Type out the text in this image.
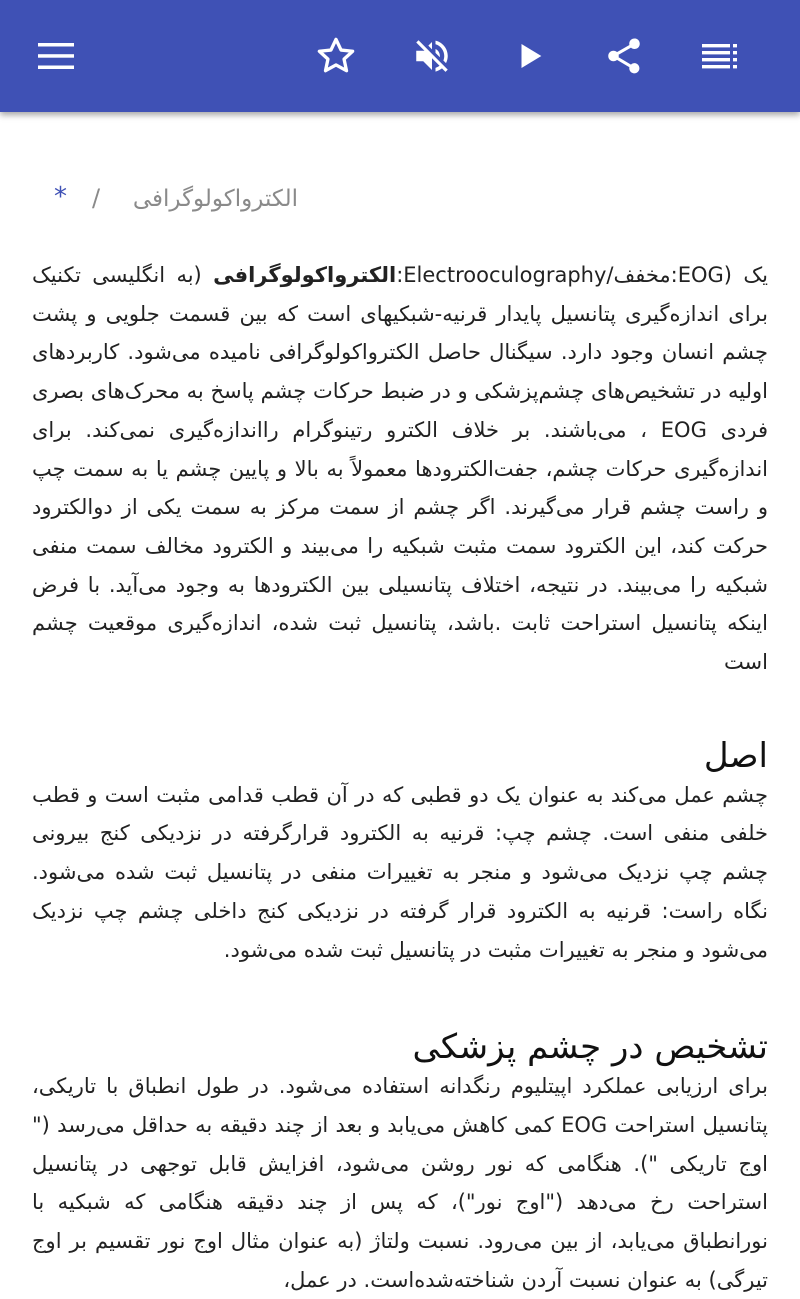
* / الکترواکولوگرافی

یک (EOG:مخفف/Electrooculography:الکترواکولوگرافی (به انگلیسی تکنیک برای اندازه‌گیری پتانسیل پایدار قرنیه-شبکیهای است که بین قسمت جلویی و پشت چشم انسان وجود دارد. سیگنال حاصل الکترواکولوگرافی نامیده می‌شود. کاربردهای اولیه در تشخیص‌های چشم‌پزشکی و در ضبط حرکات چشم پاسخ به محرک‌های بصری فردی EOG ، می‌باشند. بر خلاف الکترو رتینوگرام رااندازه‌گیری نمی‌کند. برای اندازه‌گیری حرکات چشم، جفت‌الکترودها معمولاً به بالا و پایین چشم یا به سمت چپ و راست چشم قرار می‌گیرند. اگر چشم از سمت مرکز به سمت یکی از دوالکترود حرکت کند، این الکترود سمت مثبت شبکیه را می‌بیند و الکترود مخالف سمت منفی شبکیه را می‌بیند. در نتیجه، اختلاف پتانسیلی بین الکترودها به وجود می‌آید. با فرض اینکه پتانسیل استراحت ثابت .باشد، پتانسیل ثبت شده، اندازه‌گیری موقعیت چشم است

اصل

چشم عمل می‌کند به عنوان یک دو قطبی که در آن قطب قدامی مثبت است و قطب خلفی منفی است. چشم چپ: قرنیه به الکترود قرارگرفته در نزدیکی کنج بیرونی چشم چپ نزدیک می‌شود و منجر به تغییرات منفی در پتانسیل ثبت شده می‌شود. نگاه راست: قرنیه به الکترود قرار گرفته در نزدیکی کنج داخلی چشم چپ نزدیک می‌شود و منجر به تغییرات مثبت در پتانسیل ثبت شده می‌شود.

تشخیص در چشم پزشکی

برای ارزیابی عملکرد اپیتلیوم رنگدانه استفاده می‌شود. در طول انطباق با تاریکی، پتانسیل استراحت EOG کمی کاهش می‌یابد و بعد از چند دقیقه به حداقل می‌رسد (" اوج تاریکی "). هنگامی که نور روشن می‌شود، افزایش قابل توجهی در پتانسیل استراحت رخ می‌دهد ("اوج نور")، که پس از چند دقیقه هنگامی که شبکیه با نورانطباق می‌یابد، از بین می‌رود. نسبت ولتاژ (به عنوان مثال اوج نور تقسیم بر اوج تیرگی) به عنوان نسبت آردن شناخته‌شده‌است. در عمل،
